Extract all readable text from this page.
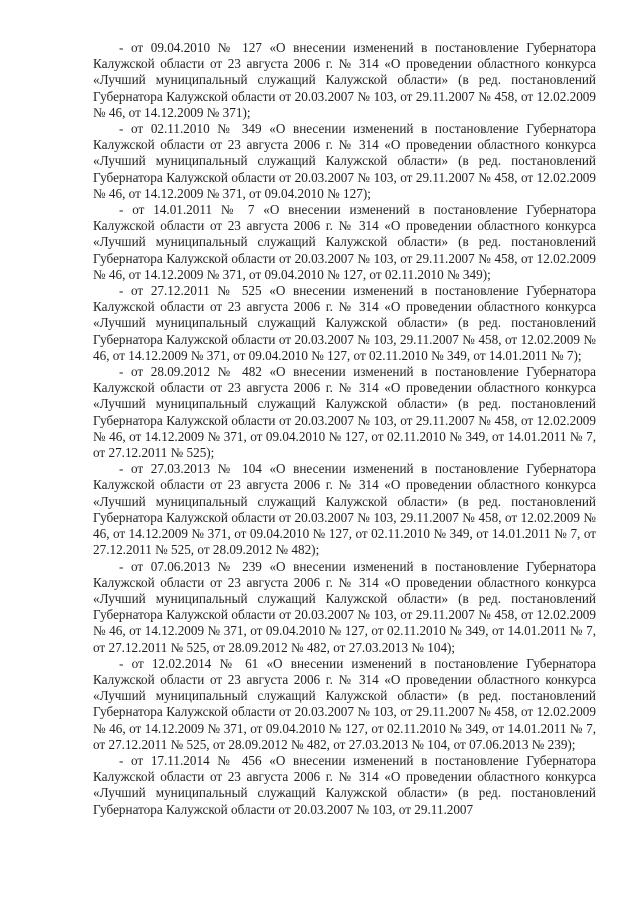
- от 09.04.2010 № 127 «О внесении изменений в постановление Губернатора Калужской области от 23 августа 2006 г. № 314 «О проведении областного конкурса «Лучший муниципальный служащий Калужской области» (в ред. постановлений Губернатора Калужской области от 20.03.2007 № 103, от 29.11.2007 № 458, от 12.02.2009 № 46, от 14.12.2009 № 371);

- от 02.11.2010 № 349 «О внесении изменений в постановление Губернатора Калужской области от 23 августа 2006 г. № 314 «О проведении областного конкурса «Лучший муниципальный служащий Калужской области» (в ред. постановлений Губернатора Калужской области от 20.03.2007 № 103, от 29.11.2007 № 458, от 12.02.2009 № 46, от 14.12.2009 № 371, от 09.04.2010 № 127);

- от 14.01.2011 № 7 «О внесении изменений в постановление Губернатора Калужской области от 23 августа 2006 г. № 314 «О проведении областного конкурса «Лучший муниципальный служащий Калужской области» (в ред. постановлений Губернатора Калужской области от 20.03.2007 № 103, от 29.11.2007 № 458, от 12.02.2009 № 46, от 14.12.2009 № 371, от 09.04.2010 № 127, от 02.11.2010 № 349);

- от 27.12.2011 № 525 «О внесении изменений в постановление Губернатора Калужской области от 23 августа 2006 г. № 314 «О проведении областного конкурса «Лучший муниципальный служащий Калужской области» (в ред. постановлений Губернатора Калужской области от 20.03.2007 № 103, 29.11.2007 № 458, от 12.02.2009 № 46, от 14.12.2009 № 371, от 09.04.2010 № 127, от 02.11.2010 № 349, от 14.01.2011 № 7);

- от 28.09.2012 № 482 «О внесении изменений в постановление Губернатора Калужской области от 23 августа 2006 г. № 314 «О проведении областного конкурса «Лучший муниципальный служащий Калужской области» (в ред. постановлений Губернатора Калужской области от 20.03.2007 № 103, от 29.11.2007 № 458, от 12.02.2009 № 46, от 14.12.2009 № 371, от 09.04.2010 № 127, от 02.11.2010 № 349, от 14.01.2011 № 7, от 27.12.2011 № 525);

- от 27.03.2013 № 104 «О внесении изменений в постановление Губернатора Калужской области от 23 августа 2006 г. № 314 «О проведении областного конкурса «Лучший муниципальный служащий Калужской области» (в ред. постановлений Губернатора Калужской области от 20.03.2007 № 103, 29.11.2007 № 458, от 12.02.2009 № 46, от 14.12.2009 № 371, от 09.04.2010 № 127, от 02.11.2010 № 349, от 14.01.2011 № 7, от 27.12.2011 № 525, от 28.09.2012 № 482);

- от 07.06.2013 № 239 «О внесении изменений в постановление Губернатора Калужской области от 23 августа 2006 г. № 314 «О проведении областного конкурса «Лучший муниципальный служащий Калужской области» (в ред. постановлений Губернатора Калужской области от 20.03.2007 № 103, от 29.11.2007 № 458, от 12.02.2009 № 46, от 14.12.2009 № 371, от 09.04.2010 № 127, от 02.11.2010 № 349, от 14.01.2011 № 7, от 27.12.2011 № 525, от 28.09.2012 № 482, от 27.03.2013 № 104);

- от 12.02.2014 № 61 «О внесении изменений в постановление Губернатора Калужской области от 23 августа 2006 г. № 314 «О проведении областного конкурса «Лучший муниципальный служащий Калужской области» (в ред. постановлений Губернатора Калужской области от 20.03.2007 № 103, от 29.11.2007 № 458, от 12.02.2009 № 46, от 14.12.2009 № 371, от 09.04.2010 № 127, от 02.11.2010 № 349, от 14.01.2011 № 7, от 27.12.2011 № 525, от 28.09.2012 № 482, от 27.03.2013 № 104, от 07.06.2013 № 239);

- от 17.11.2014 № 456 «О внесении изменений в постановление Губернатора Калужской области от 23 августа 2006 г. № 314 «О проведении областного конкурса «Лучший муниципальный служащий Калужской области» (в ред. постановлений Губернатора Калужской области от 20.03.2007 № 103, от 29.11.2007
